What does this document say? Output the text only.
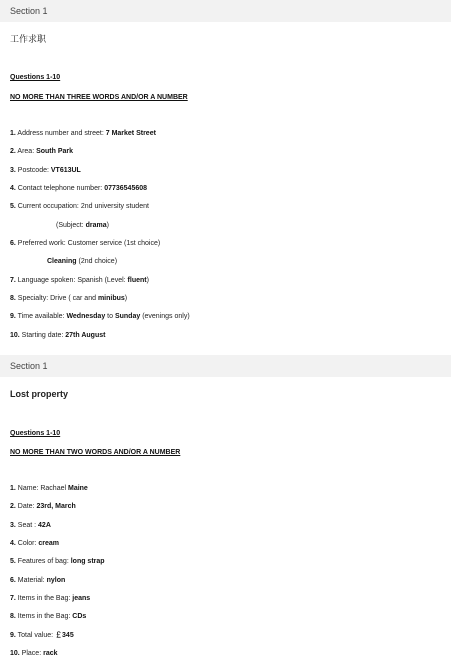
Section 1
工作求职
Questions 1-10
NO MORE THAN THREE WORDS AND/OR A NUMBER
1. Address number and street: 7 Market Street
2. Area: South Park
3. Postcode: VT613UL
4. Contact telephone number: 07736545608
5. Current occupation: 2nd university student
(Subject: drama)
6. Preferred work: Customer service (1st choice)
Cleaning (2nd choice)
7. Language spoken: Spanish (Level: fluent)
8. Specialty: Drive ( car and minibus)
9. Time available: Wednesday to Sunday (evenings only)
10. Starting date: 27th August
Section 1
Lost property
Questions 1-10
NO MORE THAN TWO WORDS AND/OR A NUMBER
1. Name: Rachael Maine
2. Date: 23rd, March
3. Seat : 42A
4. Color: cream
5. Features of bag: long strap
6. Material: nylon
7. Items in the Bag: jeans
8. Items in the Bag: CDs
9. Total value: ￡345
10. Place: rack
